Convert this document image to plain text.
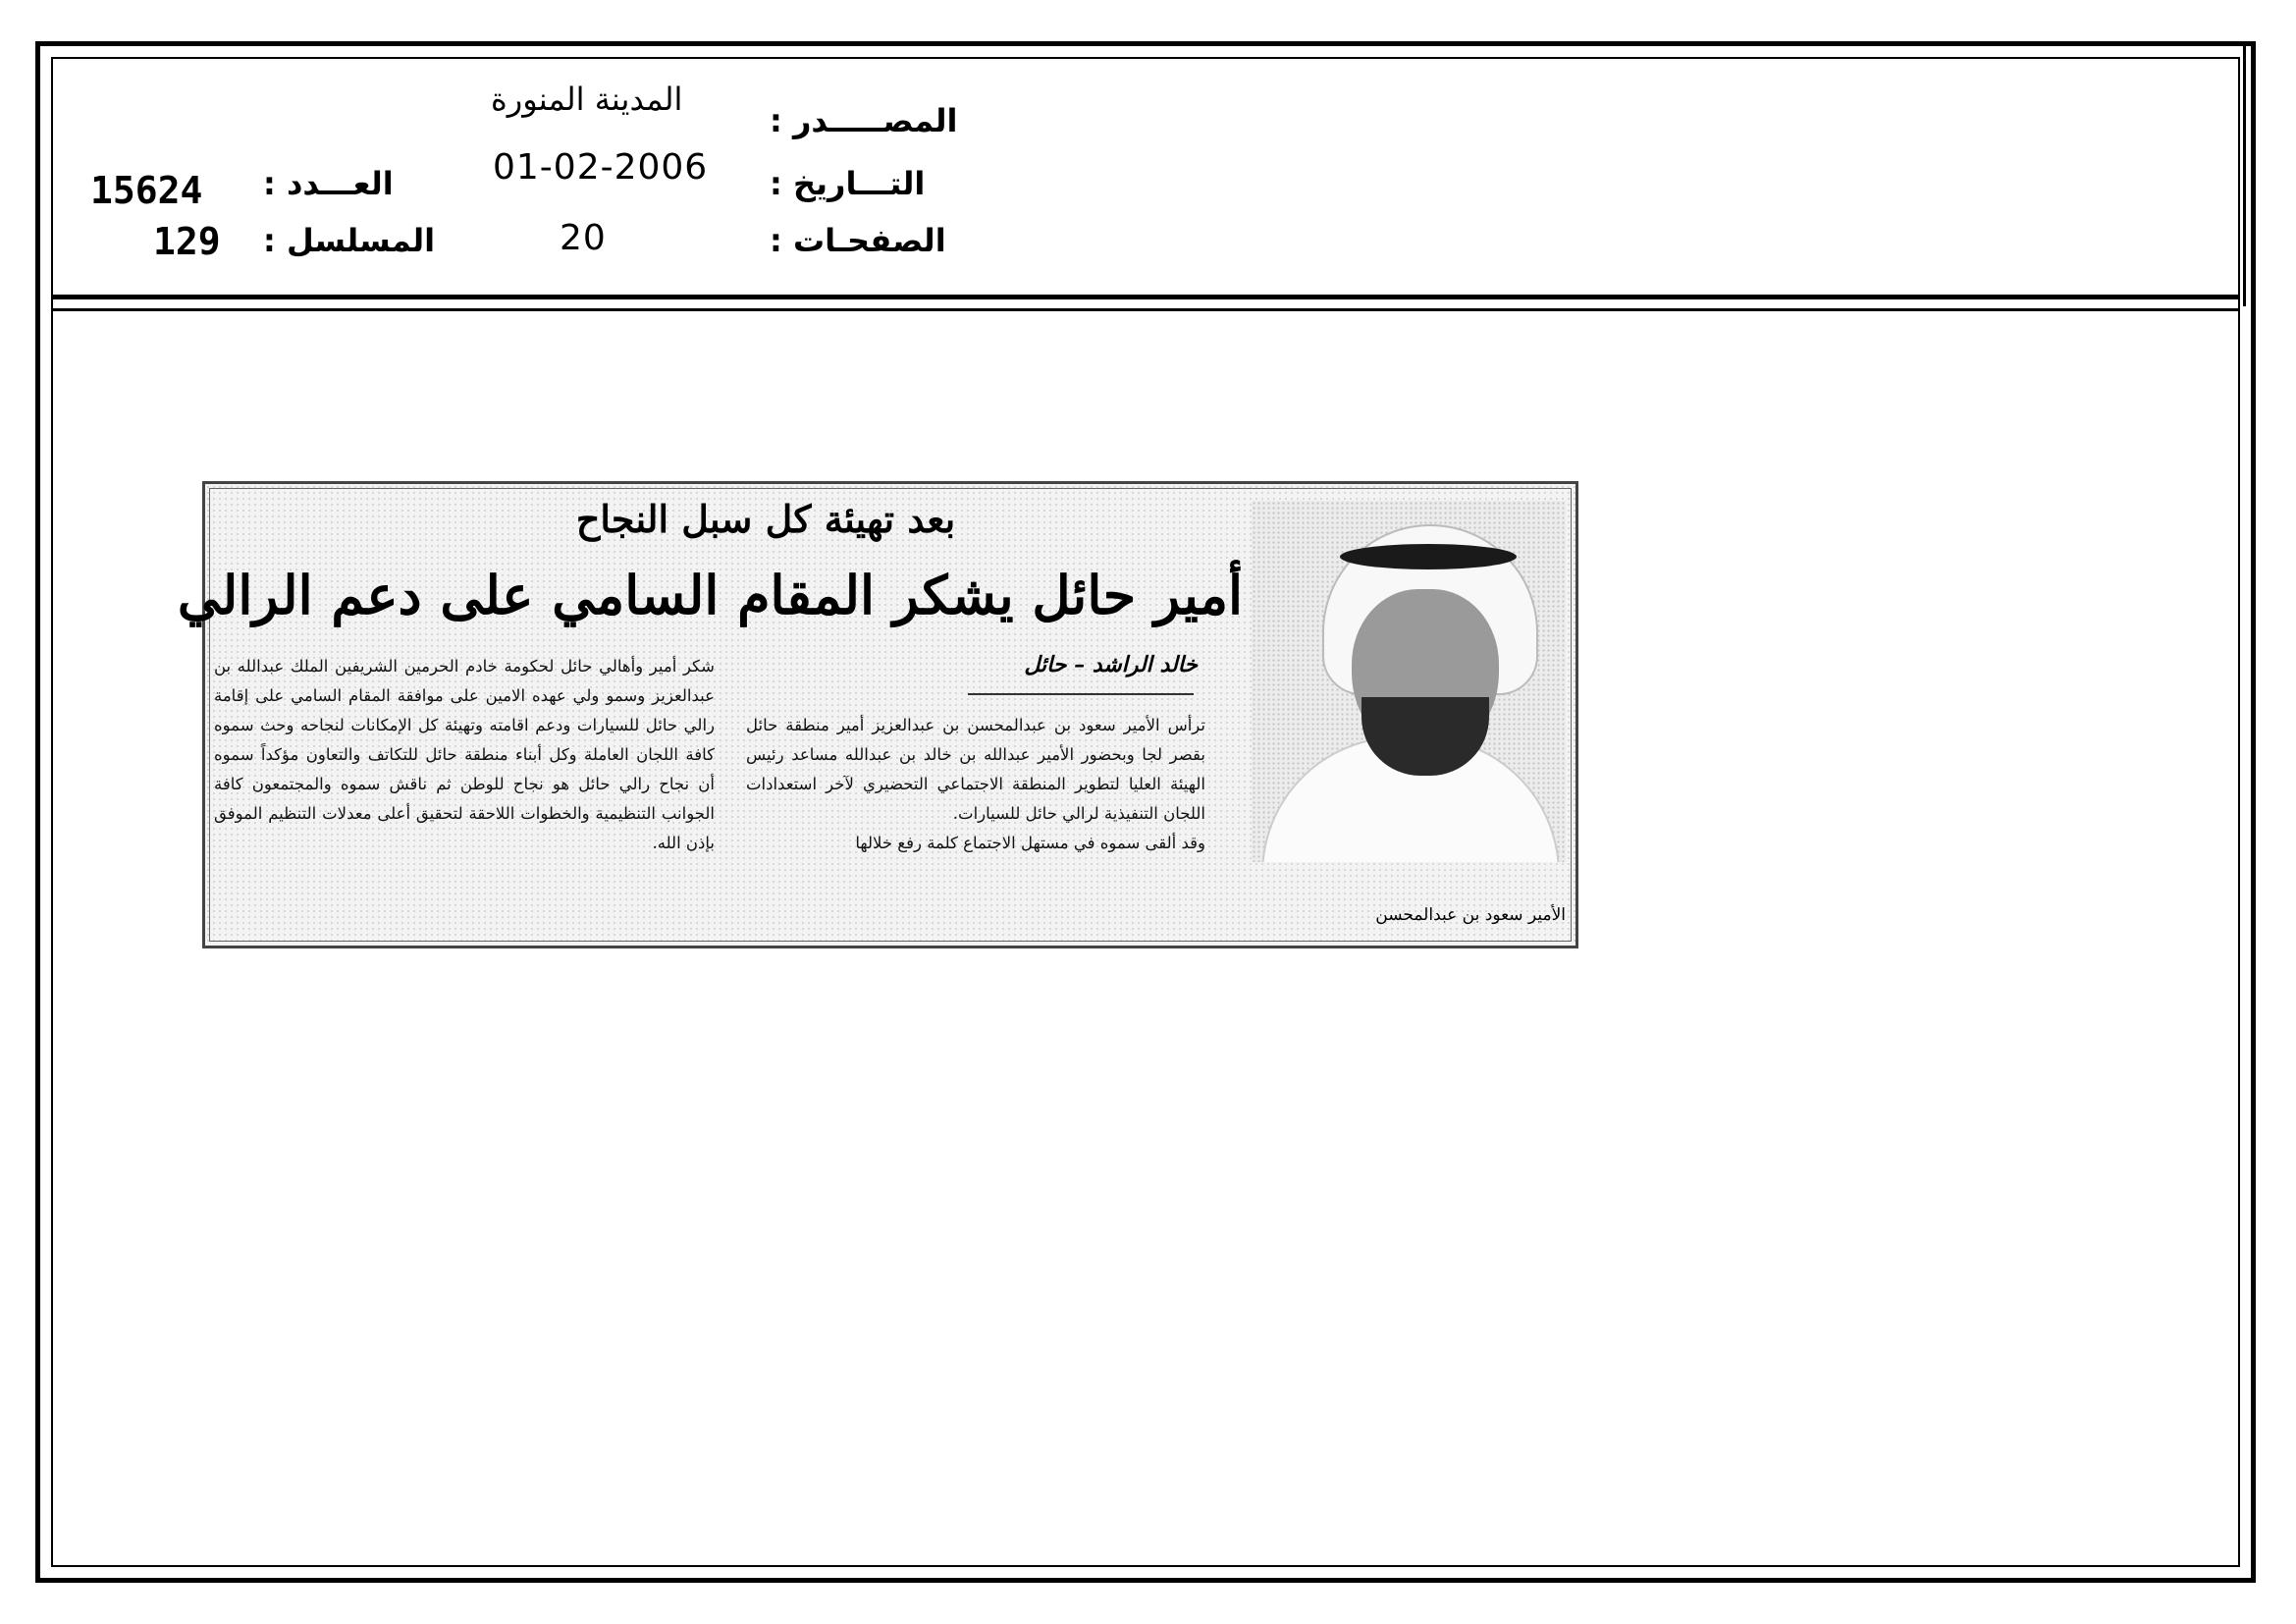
المصـــــدر :
المدينة المنورة
التـــاريخ :
01-02-2006
الصفحـات :
20
العـــدد :
15624
المسلسل :
129
الأمير سعود بن عبدالمحسن
بعد تهيئة كل سبل النجاح
أمير حائل يشكر المقام السامي على دعم الرالي
خالد الراشد – حائل

ترأس الأمير سعود بن عبدالمحسن بن عبدالعزيز أمير منطقة حائل بقصر لجا وبحضور الأمير عبدالله بن خالد بن عبدالله مساعد رئيس الهيئة العليا لتطوير المنطقة الاجتماعي التحضيري لآخر استعدادات اللجان التنفيذية لرالي حائل للسيارات.

وقد ألقى سموه في مستهل الاجتماع كلمة رفع خلالها

شكر أمير وأهالي حائل لحكومة خادم الحرمين الشريفين الملك عبدالله بن عبدالعزيز وسمو ولي عهده الامين على موافقة المقام السامي على إقامة رالي حائل للسيارات ودعم اقامته وتهيئة كل الإمكانات لنجاحه وحث سموه كافة اللجان العاملة وكل أبناء منطقة حائل للتكاتف والتعاون مؤكداً سموه أن نجاح رالي حائل هو نجاح للوطن ثم ناقش سموه والمجتمعون كافة الجوانب التنظيمية والخطوات اللاحقة لتحقيق أعلى معدلات التنظيم الموفق بإذن الله.
